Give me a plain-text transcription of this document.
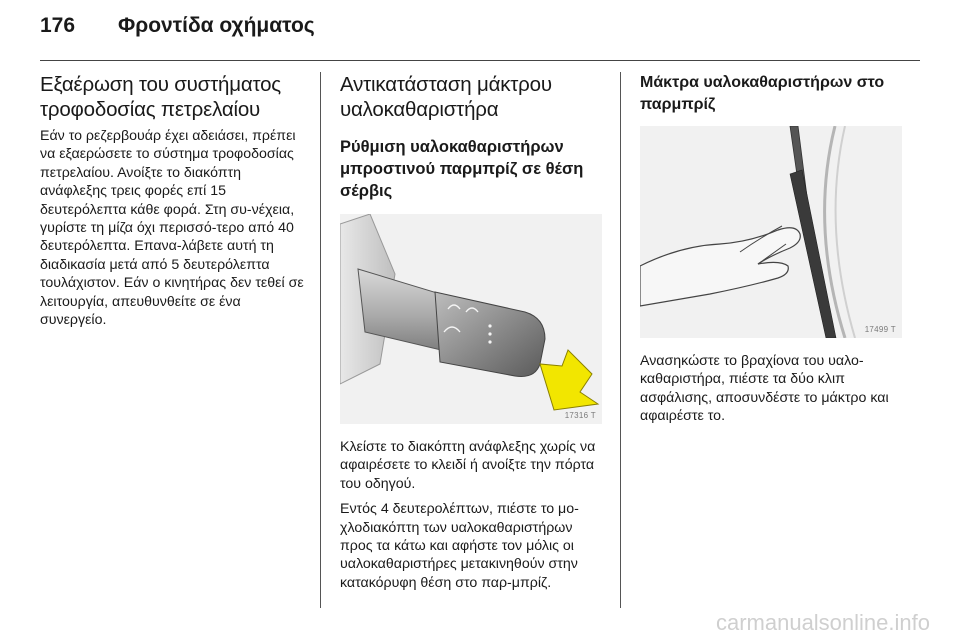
176	Φροντίδα οχήματος
Εξαέρωση του συστήματος τροφοδοσίας πετρελαίου

Εάν το ρεζερβουάρ έχει αδειάσει, πρέπει να εξαερώσετε το σύστημα τροφοδοσίας πετρελαίου. Ανοίξτε το διακόπτη ανάφλεξης τρεις φορές επί 15 δευτερόλεπτα κάθε φορά. Στη συ-νέχεια, γυρίστε τη μίζα όχι περισσό-τερο από 40 δευτερόλεπτα. Επανα-λάβετε αυτή τη διαδικασία μετά από 5 δευτερόλεπτα τουλάχιστον. Εάν ο κινητήρας δεν τεθεί σε λειτουργία, απευθυνθείτε σε ένα συνεργείο.

Αντικατάσταση μάκτρου υαλοκαθαριστήρα
Ρύθμιση υαλοκαθαριστήρων μπροστινού παρμπρίζ σε θέση σέρβις
17316 T

Κλείστε το διακόπτη ανάφλεξης χωρίς να αφαιρέσετε το κλειδί ή ανοίξτε την πόρτα του οδηγού.

Εντός 4 δευτερολέπτων, πιέστε το μο-χλοδιακόπτη των υαλοκαθαριστήρων προς τα κάτω και αφήστε τον μόλις οι υαλοκαθαριστήρες μετακινηθούν στην κατακόρυφη θέση στο παρ-μπρίζ.

Μάκτρα υαλοκαθαριστήρων στο παρμπρίζ
17499 T

Ανασηκώστε το βραχίονα του υαλο-καθαριστήρα, πιέστε τα δύο κλιπ ασφάλισης, αποσυνδέστε το μάκτρο και αφαιρέστε το.

carmanualsonline.info
